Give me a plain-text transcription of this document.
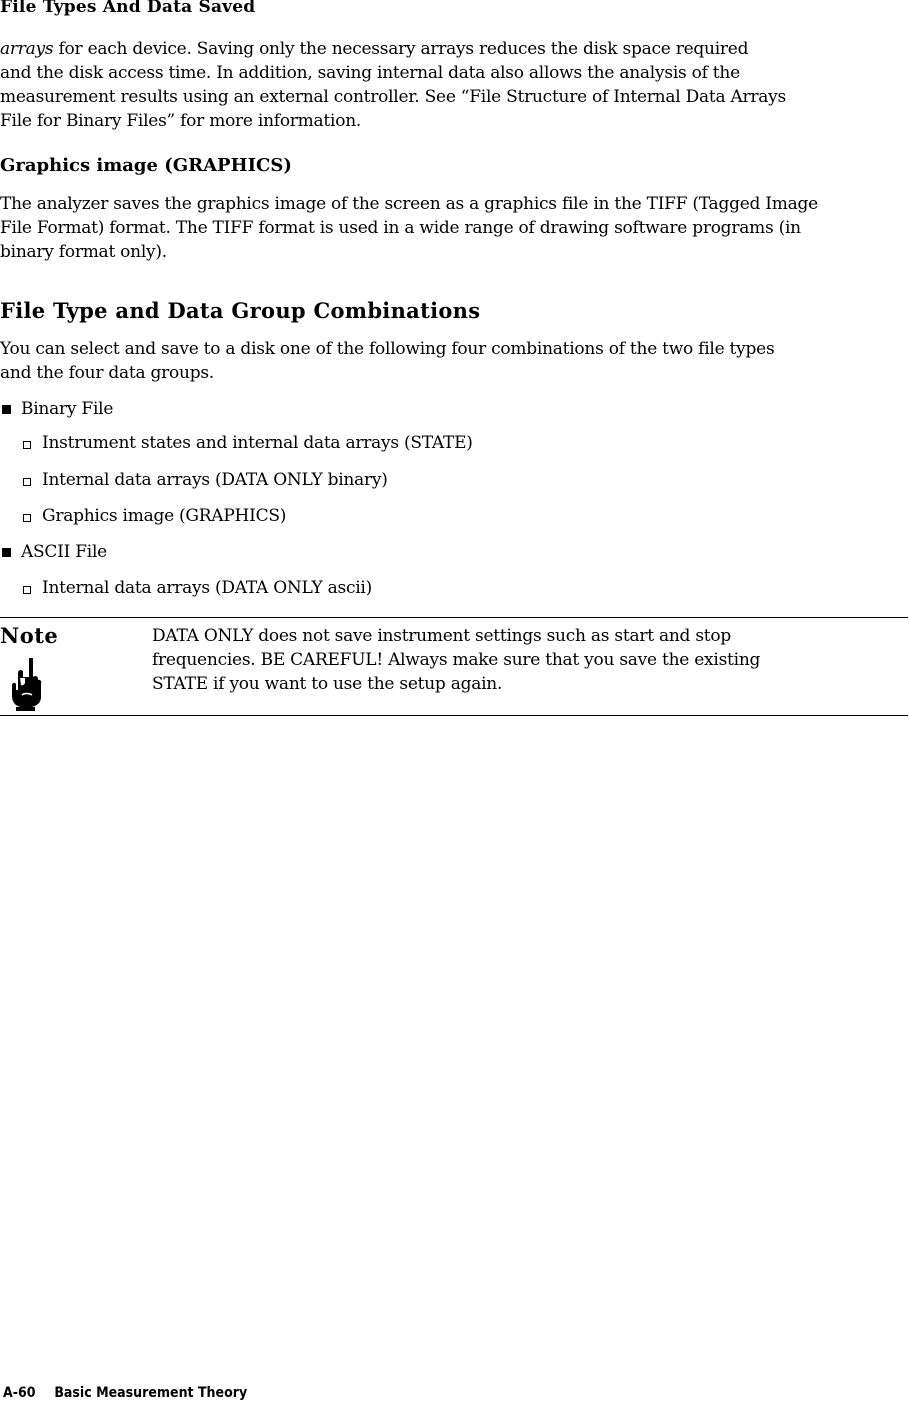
File Types And Data Saved

arrays for each device. Saving only the necessary arrays reduces the disk space required
and the disk access time. In addition, saving internal data also allows the analysis of the
measurement results using an external controller. See “File Structure of Internal Data Arrays
File for Binary Files” for more information.

Graphics image (GRAPHICS)

The analyzer saves the graphics image of the screen as a graphics file in the TIFF (Tagged Image
File Format) format. The TIFF format is used in a wide range of drawing software programs (in
binary format only).

File Type and Data Group Combinations

You can select and save to a disk one of the following four combinations of the two file types
and the four data groups.

Binary File
Instrument states and internal data arrays (STATE)
Internal data arrays (DATA ONLY binary)
Graphics image (GRAPHICS)
ASCII File
Internal data arrays (DATA ONLY ascii)
Note	DATA ONLY does not save instrument settings such as start and stop
frequencies. BE CAREFUL! Always make sure that you save the existing
STATE if you want to use the setup again.
A-60 Basic Measurement Theory
